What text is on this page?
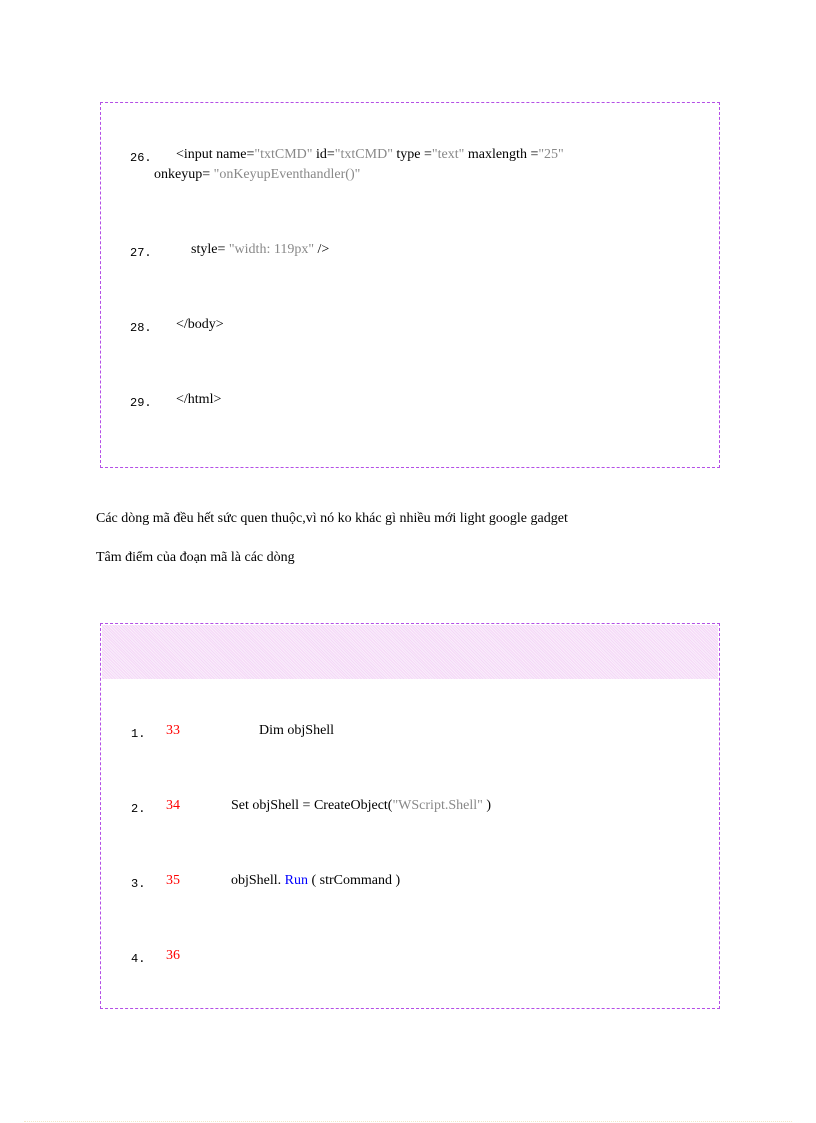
26. <input name="txtCMD" id="txtCMD" type ="text" maxlength ="25"
onkeyup= "onKeyupEventhandler()"
27.	style= "width: 119px" />
28. </body>
29. </html>
Các dòng mã đều hết sức quen thuộc,vì nó ko khác gì nhiều mới light google gadget
Tâm điểm của đoạn mã là các dòng
1. 33	Dim objShell
2. 34	Set objShell = CreateObject("WScript.Shell" )
3. 35	objShell. Run ( strCommand )
4. 36
